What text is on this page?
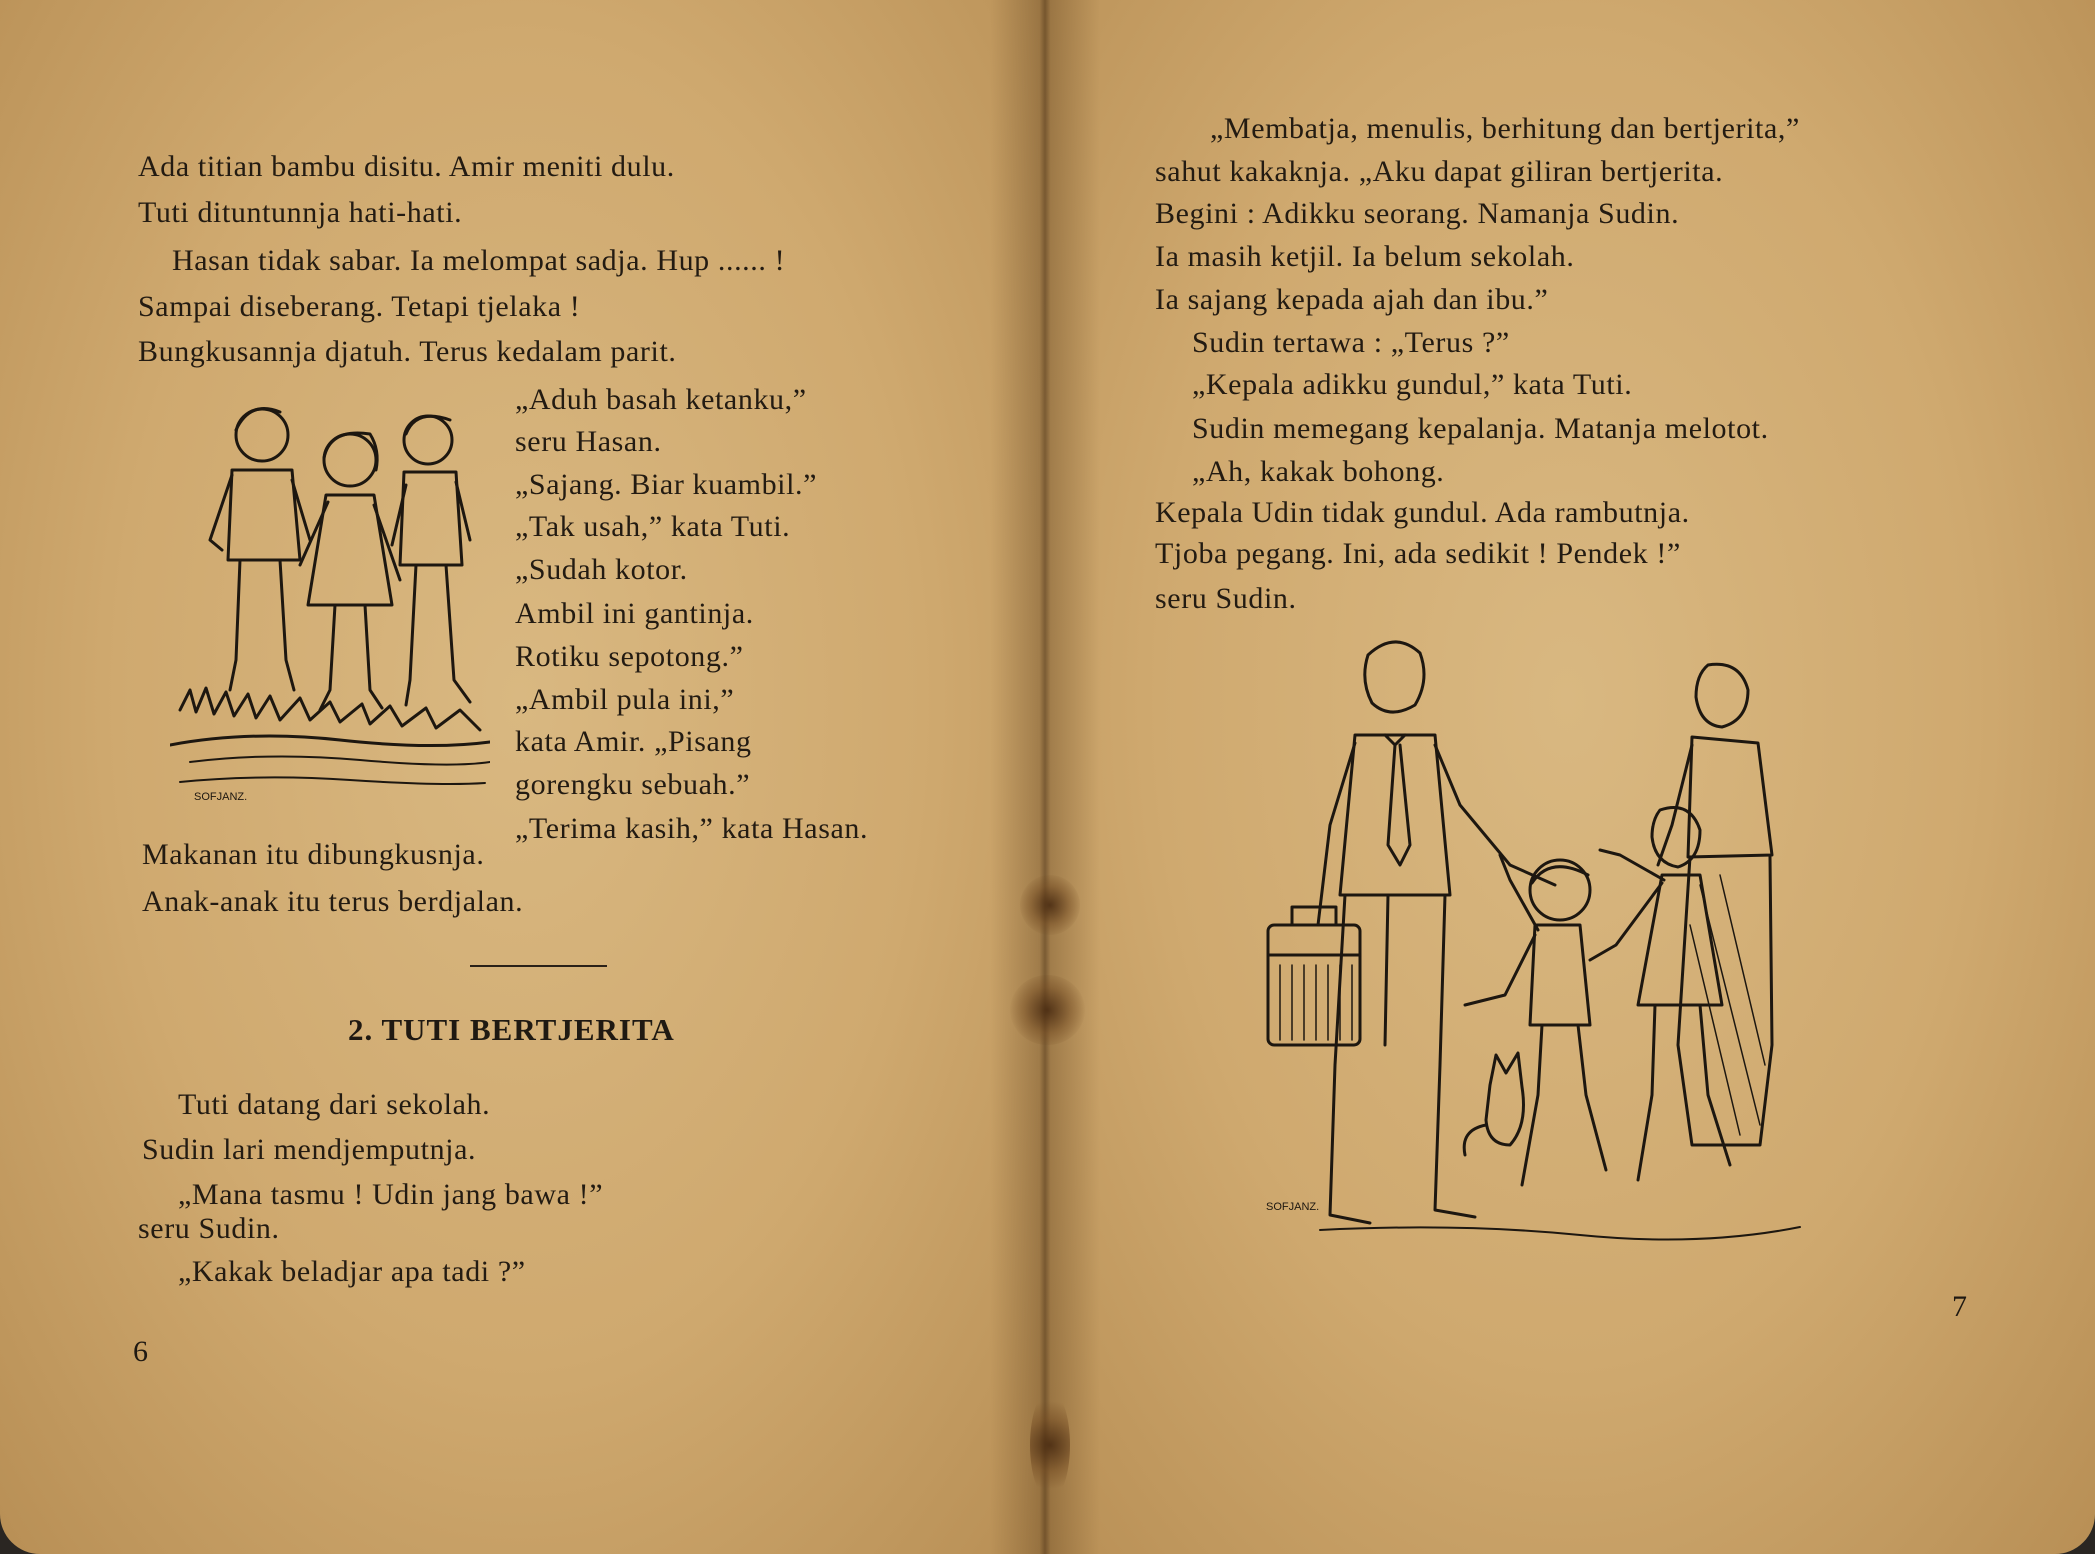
Ada titian bambu disitu. Amir meniti dulu.
Tuti dituntunnja hati-hati.
Hasan tidak sabar. Ia melompat sadja. Hup ...... !
Sampai diseberang. Tetapi tjelaka !
Bungkusannja djatuh. Terus kedalam parit.
„Aduh basah ketanku,”
seru Hasan.
„Sajang. Biar kuambil.”
„Tak usah,” kata Tuti.
„Sudah kotor.
Ambil ini gantinja.
Rotiku sepotong.”
„Ambil pula ini,”
kata Amir. „Pisang
gorengku sebuah.”
„Terima kasih,” kata Hasan.
Makanan itu dibungkusnja.
Anak-anak itu terus berdjalan.
SOFJANZ.
2. TUTI BERTJERITA
Tuti datang dari sekolah.
Sudin lari mendjemputnja.
„Mana tasmu ! Udin jang bawa !”
seru Sudin.
„Kakak beladjar apa tadi ?”
6
„Membatja, menulis, berhitung dan bertjerita,”
sahut kakaknja. „Aku dapat giliran bertjerita.
Begini : Adikku seorang. Namanja Sudin.
Ia masih ketjil. Ia belum sekolah.
Ia sajang kepada ajah dan ibu.”
Sudin tertawa : „Terus ?”
„Kepala adikku gundul,” kata Tuti.
Sudin memegang kepalanja. Matanja melotot.
„Ah, kakak bohong.
Kepala Udin tidak gundul. Ada rambutnja.
Tjoba pegang. Ini, ada sedikit ! Pendek !”
seru Sudin.
SOFJANZ.
7
